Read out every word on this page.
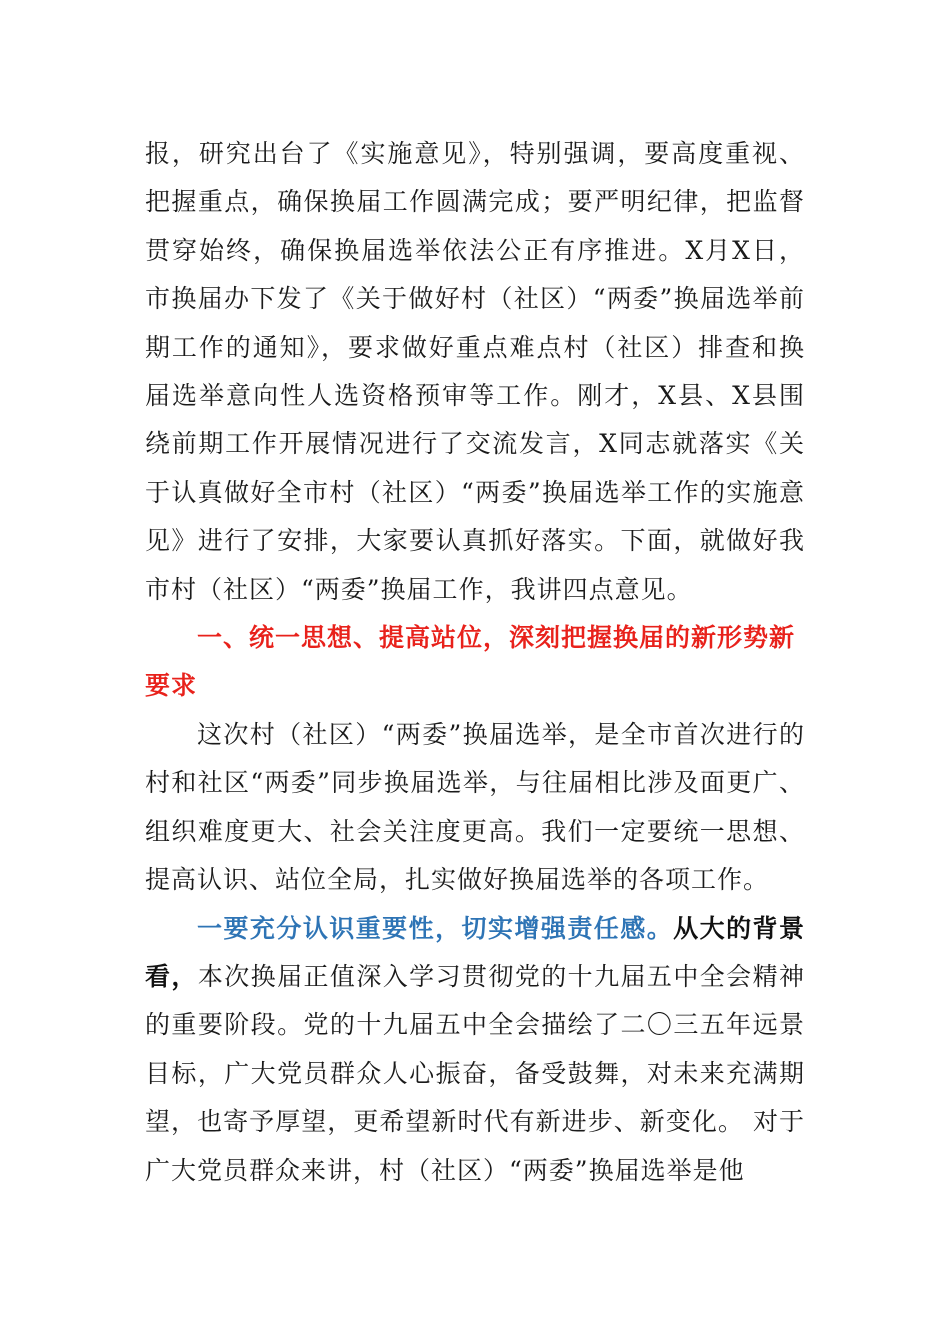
报，研究出台了《实施意见》，特别强调，要高度重视、把握重点，确保换届工作圆满完成；要严明纪律，把监督贯穿始终，确保换届选举依法公正有序推进。X月X日，市换届办下发了《关于做好村（社区）“两委”换届选举前期工作的通知》，要求做好重点难点村（社区）排查和换届选举意向性人选资格预审等工作。刚才，X县、X县围绕前期工作开展情况进行了交流发言，X同志就落实《关于认真做好全市村（社区）“两委”换届选举工作的实施意见》进行了安排，大家要认真抓好落实。下面，就做好我市村（社区）“两委”换届工作，我讲四点意见。

一、统一思想、提高站位，深刻把握换届的新形势新要求

这次村（社区）“两委”换届选举，是全市首次进行的村和社区“两委”同步换届选举，与往届相比涉及面更广、组织难度更大、社会关注度更高。我们一定要统一思想、提高认识、站位全局，扎实做好换届选举的各项工作。

一要充分认识重要性，切实增强责任感。从大的背景看，本次换届正值深入学习贯彻党的十九届五中全会精神的重要阶段。党的十九届五中全会描绘了二〇三五年远景目标，广大党员群众人心振奋，备受鼓舞，对未来充满期望，也寄予厚望，更希望新时代有新进步、新变化。 对于广大党员群众来讲，村（社区）“两委”换届选举是他
